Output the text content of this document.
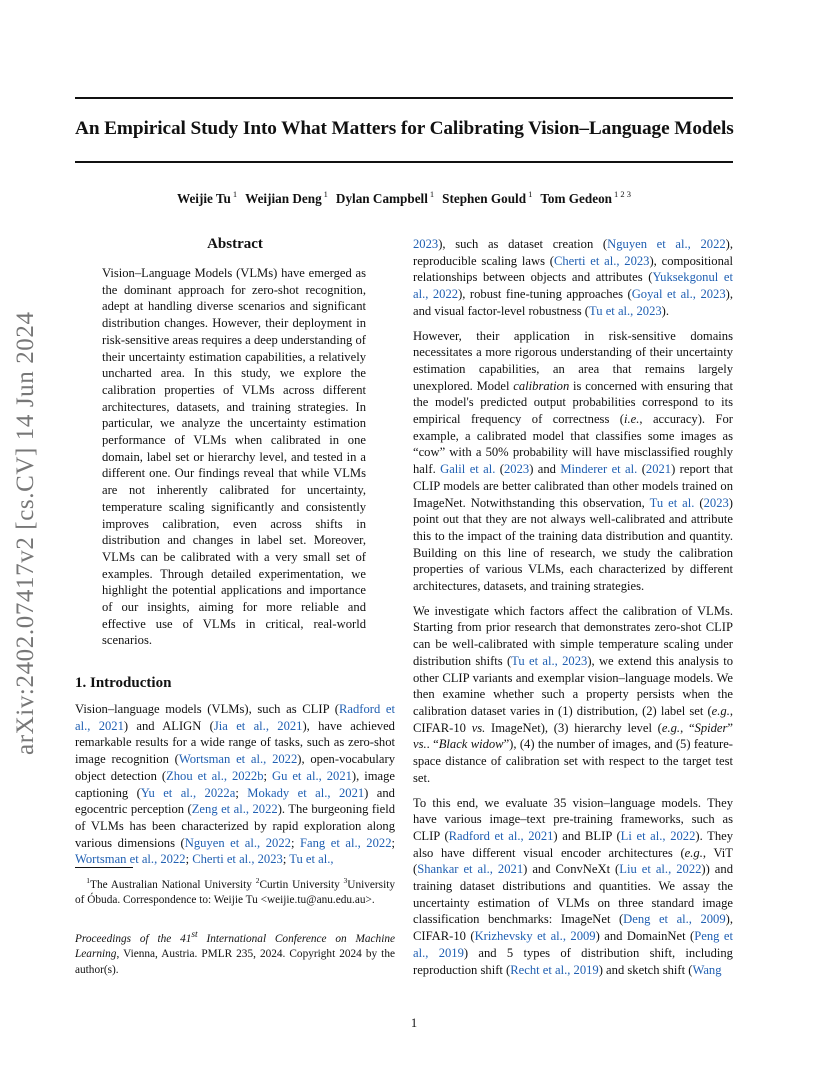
An Empirical Study Into What Matters for Calibrating Vision–Language Models
Weijie Tu $^1$ Weijian Deng $^1$ Dylan Campbell $^1$ Stephen Gould $^1$ Tom Gedeon $^{1 2 3}$
arXiv:2402.07417v2 [cs.CV] 14 Jun 2024
Abstract
Vision–Language Models (VLMs) have emerged as the dominant approach for zero-shot recognition, adept at handling diverse scenarios and significant distribution changes. However, their deployment in risk-sensitive areas requires a deep understanding of their uncertainty estimation capabilities, a relatively uncharted area. In this study, we explore the calibration properties of VLMs across different architectures, datasets, and training strategies. In particular, we analyze the uncertainty estimation performance of VLMs when calibrated in one domain, label set or hierarchy level, and tested in a different one. Our findings reveal that while VLMs are not inherently calibrated for uncertainty, temperature scaling significantly and consistently improves calibration, even across shifts in distribution and changes in label set. Moreover, VLMs can be calibrated with a very small set of examples. Through detailed experimentation, we highlight the potential applications and importance of our insights, aiming for more reliable and effective use of VLMs in critical, real-world scenarios.
1. Introduction

Vision–language models (VLMs), such as CLIP (Radford et al., 2021) and ALIGN (Jia et al., 2021), have achieved remarkable results for a wide range of tasks, such as zero-shot image recognition (Wortsman et al., 2022), open-vocabulary object detection (Zhou et al., 2022b; Gu et al., 2021), image captioning (Yu et al., 2022a; Mokady et al., 2021) and egocentric perception (Zeng et al., 2022). The burgeoning field of VLMs has been characterized by rapid exploration along various dimensions (Nguyen et al., 2022; Fang et al., 2022; Wortsman et al., 2022; Cherti et al., 2023; Tu et al.,

$^1$The Australian National University $^2$Curtin University $^3$University of Óbuda. Correspondence to: Weijie Tu <weijie.tu@anu.edu.au>.
Proceedings of the 41st International Conference on Machine Learning, Vienna, Austria. PMLR 235, 2024. Copyright 2024 by the author(s).

2023), such as dataset creation (Nguyen et al., 2022), reproducible scaling laws (Cherti et al., 2023), compositional relationships between objects and attributes (Yuksekgonul et al., 2022), robust fine-tuning approaches (Goyal et al., 2023), and visual factor-level robustness (Tu et al., 2023).

However, their application in risk-sensitive domains necessitates a more rigorous understanding of their uncertainty estimation capabilities, an area that remains largely unexplored. Model calibration is concerned with ensuring that the model's predicted output probabilities correspond to its empirical frequency of correctness (i.e., accuracy). For example, a calibrated model that classifies some images as “cow” with a 50% probability will have misclassified roughly half. Galil et al. (2023) and Minderer et al. (2021) report that CLIP models are better calibrated than other models trained on ImageNet. Notwithstanding this observation, Tu et al. (2023) point out that they are not always well-calibrated and attribute this to the impact of the training data distribution and quantity. Building on this line of research, we study the calibration properties of various VLMs, each characterized by different architectures, datasets, and training strategies.

We investigate which factors affect the calibration of VLMs. Starting from prior research that demonstrates zero-shot CLIP can be well-calibrated with simple temperature scaling under distribution shifts (Tu et al., 2023), we extend this analysis to other CLIP variants and exemplar vision–language models. We then examine whether such a property persists when the calibration dataset varies in (1) distribution, (2) label set (e.g., CIFAR-10 vs. ImageNet), (3) hierarchy level (e.g., “Spider” vs.. “Black widow”), (4) the number of images, and (5) feature-space distance of calibration set with respect to the target test set.

To this end, we evaluate 35 vision–language models. They have various image–text pre-training frameworks, such as CLIP (Radford et al., 2021) and BLIP (Li et al., 2022). They also have different visual encoder architectures (e.g., ViT (Shankar et al., 2021) and ConvNeXt (Liu et al., 2022)) and training dataset distributions and quantities. We assay the uncertainty estimation of VLMs on three standard image classification benchmarks: ImageNet (Deng et al., 2009), CIFAR-10 (Krizhevsky et al., 2009) and DomainNet (Peng et al., 2019) and 5 types of distribution shift, including reproduction shift (Recht et al., 2019) and sketch shift (Wang

1
